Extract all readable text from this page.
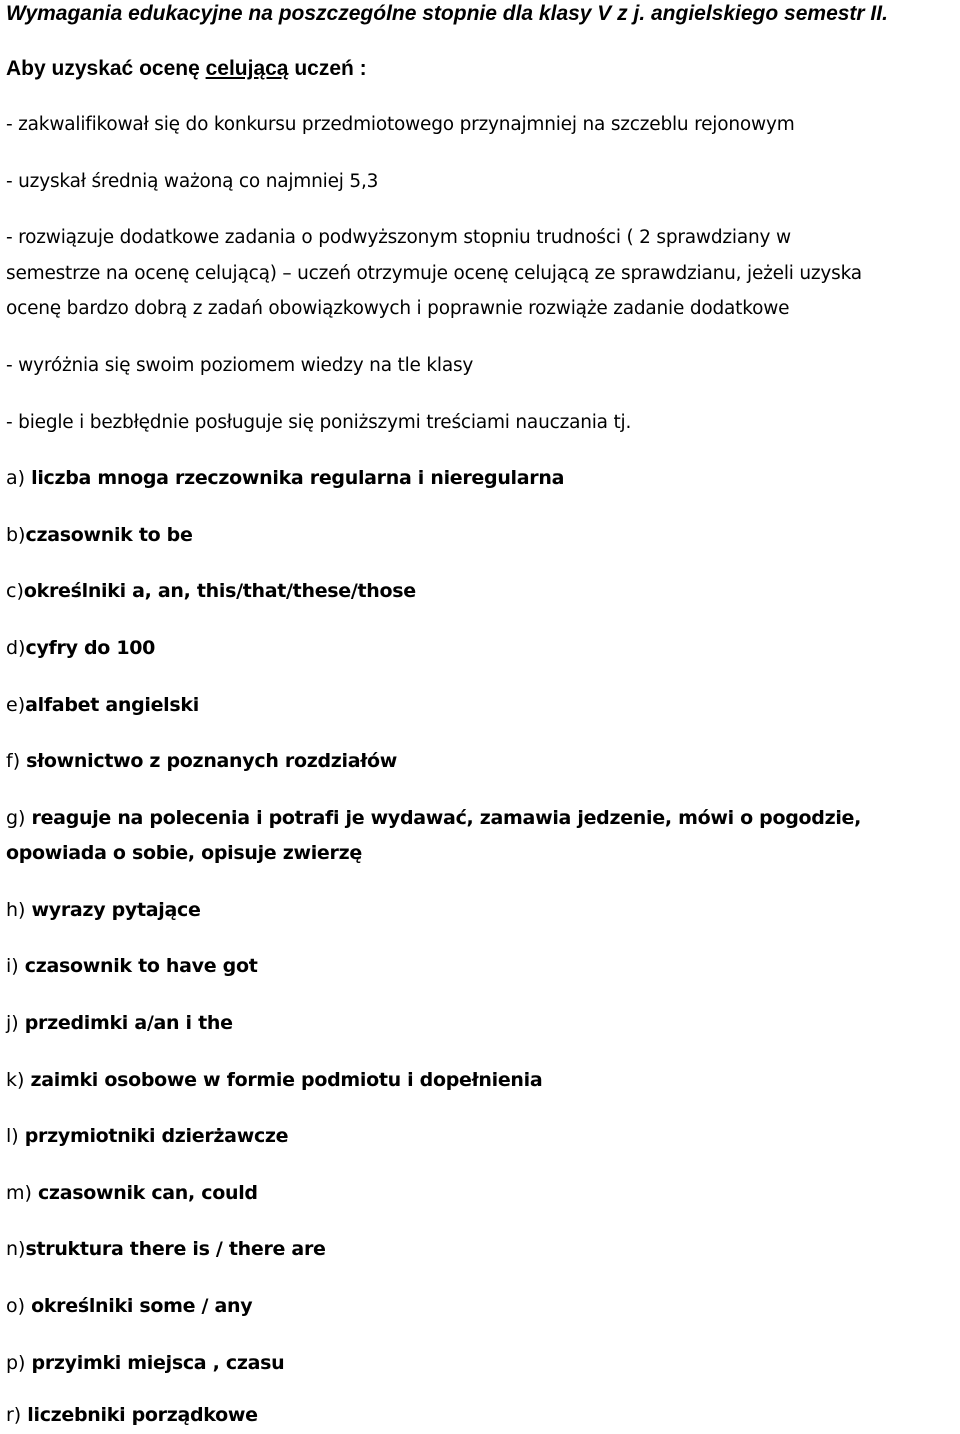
Wymagania edukacyjne na poszczególne stopnie dla klasy V z j. angielskiego semestr II.

Aby uzyskać ocenę celującą uczeń :

- zakwalifikował się do konkursu przedmiotowego przynajmniej na szczeblu rejonowym

- uzyskał średnią ważoną co najmniej 5,3

- rozwiązuje dodatkowe zadania o podwyższonym stopniu trudności ( 2 sprawdziany w

semestrze na ocenę celującą) – uczeń otrzymuje ocenę celującą ze sprawdzianu, jeżeli uzyska

ocenę bardzo dobrą z zadań obowiązkowych i poprawnie rozwiąże zadanie dodatkowe

- wyróżnia się swoim poziomem wiedzy na tle klasy

- biegle i bezbłędnie posługuje się poniższymi treściami nauczania tj.

a) liczba mnoga rzeczownika regularna i nieregularna

b)czasownik to be

c)określniki a, an, this/that/these/those

d)cyfry do 100

e)alfabet angielski

f) słownictwo z poznanych rozdziałów

g) reaguje na polecenia i potrafi je wydawać, zamawia jedzenie, mówi o pogodzie,

opowiada o sobie, opisuje zwierzę

h) wyrazy pytające

i) czasownik to have got

j) przedimki a/an i the

k) zaimki osobowe w formie podmiotu i dopełnienia

l) przymiotniki dzierżawcze

m) czasownik can, could

n)struktura there is / there are

o) określniki some / any

p) przyimki miejsca , czasu

r) liczebniki porządkowe
